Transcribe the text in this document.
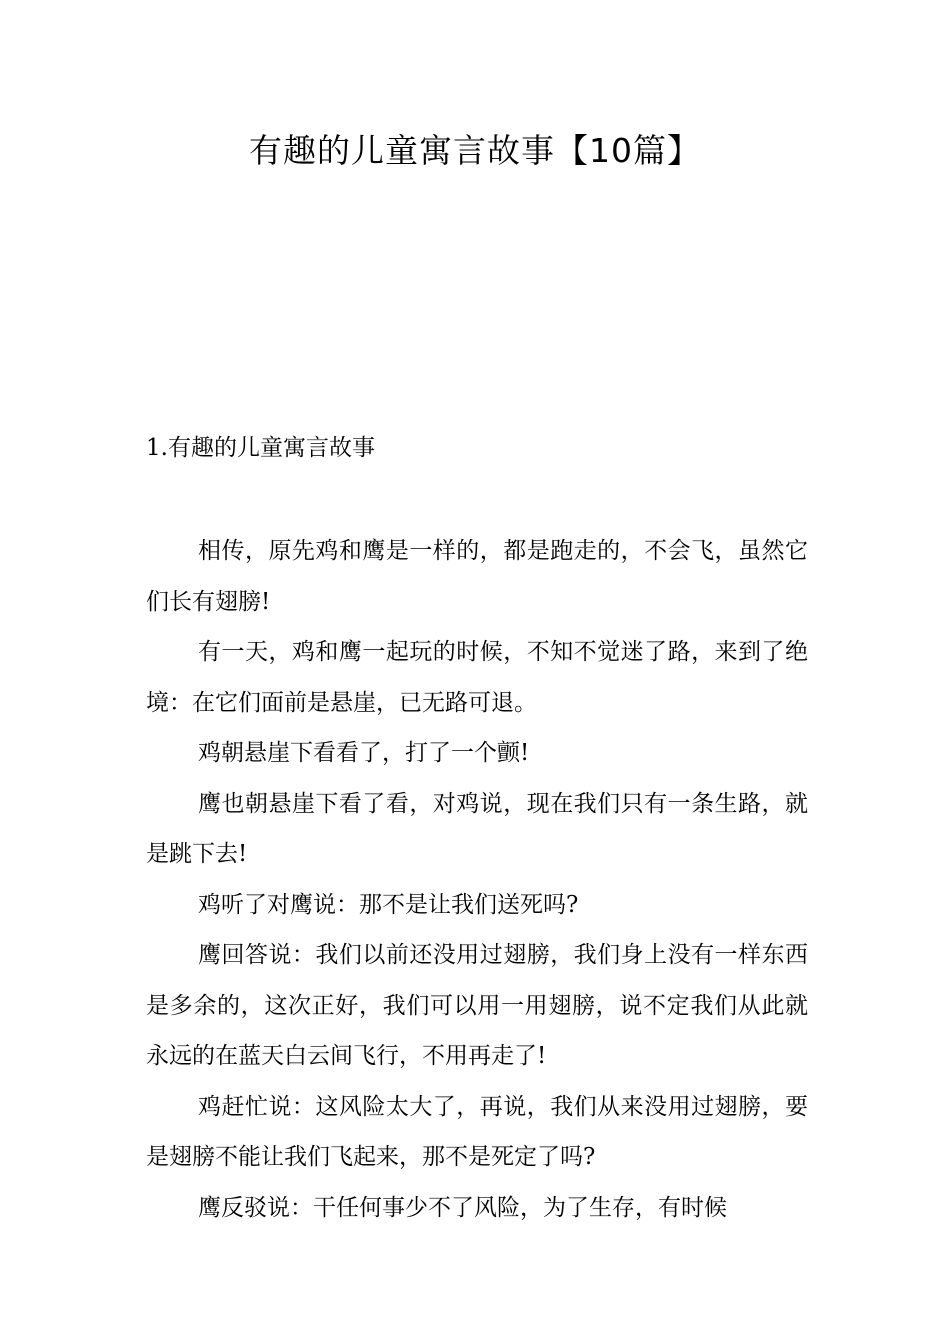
有趣的儿童寓言故事【10篇】
1.有趣的儿童寓言故事

相传，原先鸡和鹰是一样的，都是跑走的，不会飞，虽然它们长有翅膀!

有一天，鸡和鹰一起玩的时候，不知不觉迷了路，来到了绝境：在它们面前是悬崖，已无路可退。

鸡朝悬崖下看看了，打了一个颤!

鹰也朝悬崖下看了看，对鸡说，现在我们只有一条生路，就是跳下去!

鸡听了对鹰说：那不是让我们送死吗?

鹰回答说：我们以前还没用过翅膀，我们身上没有一样东西是多余的，这次正好，我们可以用一用翅膀，说不定我们从此就永远的在蓝天白云间飞行，不用再走了!

鸡赶忙说：这风险太大了，再说，我们从来没用过翅膀，要是翅膀不能让我们飞起来，那不是死定了吗?

鹰反驳说：干任何事少不了风险，为了生存，有时候
